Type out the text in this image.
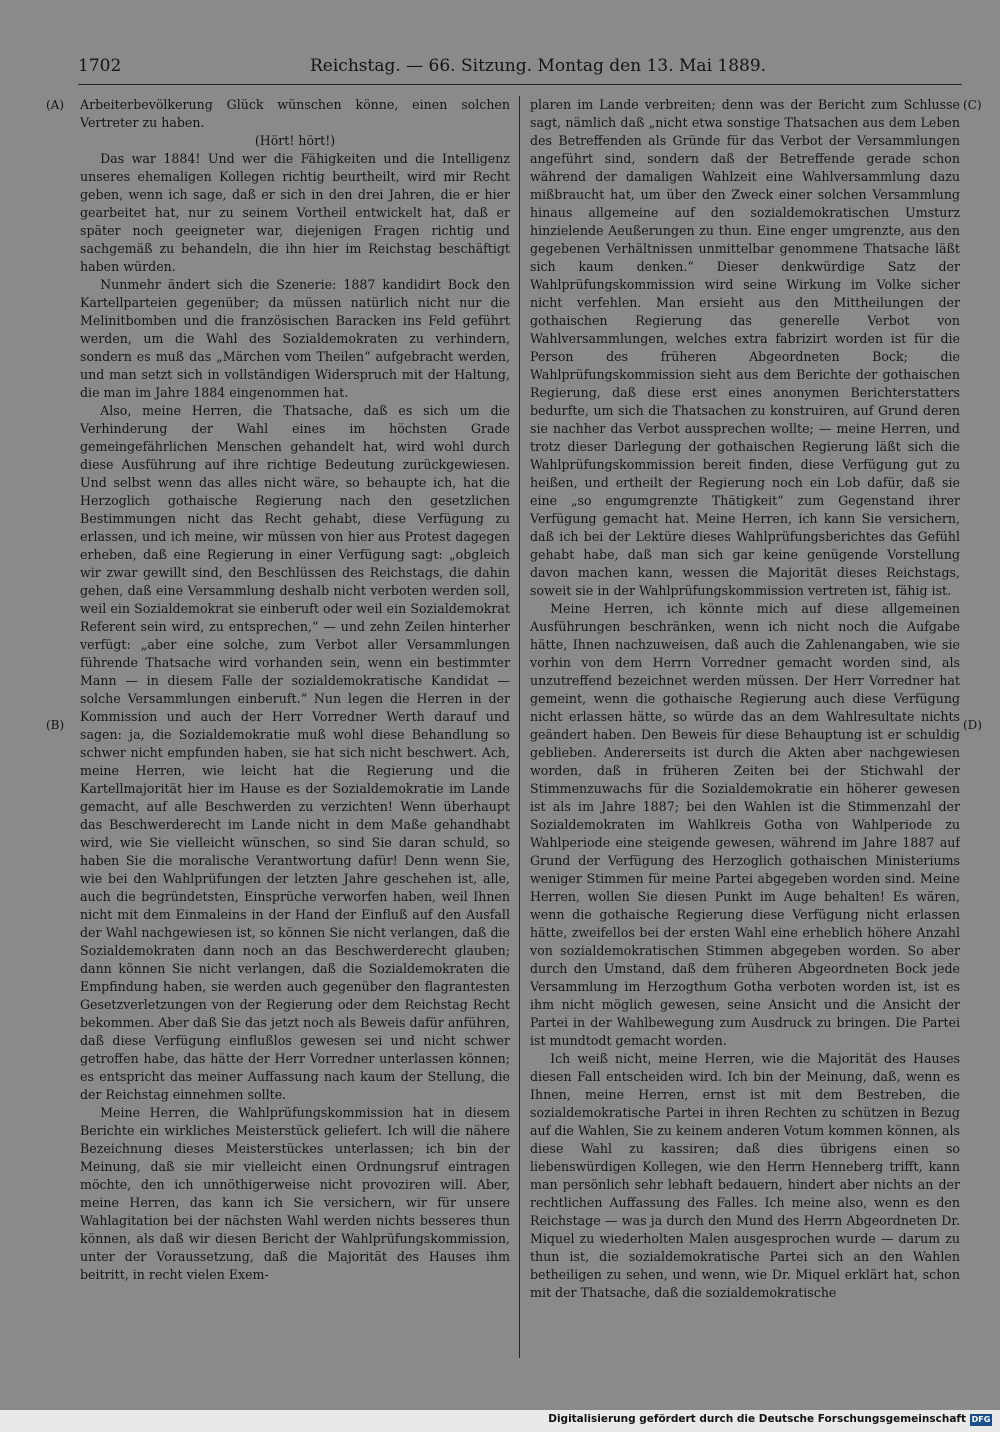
1702	Reichstag. — 66. Sitzung. Montag den 13. Mai 1889.
(A)
(B)
(C)
(D)

Arbeiterbevölkerung Glück wünschen könne, einen solchen Vertreter zu haben.

(Hört! hört!)

Das war 1884! Und wer die Fähigkeiten und die Intelligenz unseres ehemaligen Kollegen richtig beurtheilt, wird mir Recht geben, wenn ich sage, daß er sich in den drei Jahren, die er hier gearbeitet hat, nur zu seinem Vortheil entwickelt hat, daß er später noch geeigneter war, diejenigen Fragen richtig und sachgemäß zu behandeln, die ihn hier im Reichstag beschäftigt haben würden.

Nunmehr ändert sich die Szenerie: 1887 kandidirt Bock den Kartellparteien gegenüber; da müssen natürlich nicht nur die Melinitbomben und die französischen Baracken ins Feld geführt werden, um die Wahl des Sozialdemokraten zu verhindern, sondern es muß das „Märchen vom Theilen“ aufgebracht werden, und man setzt sich in vollständigen Widerspruch mit der Haltung, die man im Jahre 1884 eingenommen hat.

Also, meine Herren, die Thatsache, daß es sich um die Verhinderung der Wahl eines im höchsten Grade gemeingefährlichen Menschen gehandelt hat, wird wohl durch diese Ausführung auf ihre richtige Bedeutung zurückgewiesen. Und selbst wenn das alles nicht wäre, so behaupte ich, hat die Herzoglich gothaische Regierung nach den gesetzlichen Bestimmungen nicht das Recht gehabt, diese Verfügung zu erlassen, und ich meine, wir müssen von hier aus Protest dagegen erheben, daß eine Regierung in einer Verfügung sagt: „obgleich wir zwar gewillt sind, den Beschlüssen des Reichstags, die dahin gehen, daß eine Versammlung deshalb nicht verboten werden soll, weil ein Sozialdemokrat sie einberuft oder weil ein Sozialdemokrat Referent sein wird, zu entsprechen,“ — und zehn Zeilen hinterher verfügt: „aber eine solche, zum Verbot aller Versammlungen führende Thatsache wird vorhanden sein, wenn ein bestimmter Mann — in diesem Falle der sozialdemokratische Kandidat — solche Versammlungen einberuft.“ Nun legen die Herren in der Kommission und auch der Herr Vorredner Werth darauf und sagen: ja, die Sozialdemokratie muß wohl diese Behandlung so schwer nicht empfunden haben, sie hat sich nicht beschwert. Ach, meine Herren, wie leicht hat die Regierung und die Kartellmajorität hier im Hause es der Sozialdemokratie im Lande gemacht, auf alle Beschwerden zu verzichten! Wenn überhaupt das Beschwerderecht im Lande nicht in dem Maße gehandhabt wird, wie Sie vielleicht wünschen, so sind Sie daran schuld, so haben Sie die moralische Verantwortung dafür! Denn wenn Sie, wie bei den Wahlprüfungen der letzten Jahre geschehen ist, alle, auch die begründetsten, Einsprüche verworfen haben, weil Ihnen nicht mit dem Einmaleins in der Hand der Einfluß auf den Ausfall der Wahl nachgewiesen ist, so können Sie nicht verlangen, daß die Sozialdemokraten dann noch an das Beschwerderecht glauben; dann können Sie nicht verlangen, daß die Sozialdemokraten die Empfindung haben, sie werden auch gegenüber den flagrantesten Gesetzverletzungen von der Regierung oder dem Reichstag Recht bekommen. Aber daß Sie das jetzt noch als Beweis dafür anführen, daß diese Verfügung einflußlos gewesen sei und nicht schwer getroffen habe, das hätte der Herr Vorredner unterlassen können; es entspricht das meiner Auffassung nach kaum der Stellung, die der Reichstag einnehmen sollte.

Meine Herren, die Wahlprüfungskommission hat in diesem Berichte ein wirkliches Meisterstück geliefert. Ich will die nähere Bezeichnung dieses Meisterstückes unterlassen; ich bin der Meinung, daß sie mir vielleicht einen Ordnungsruf eintragen möchte, den ich unnöthigerweise nicht provoziren will. Aber, meine Herren, das kann ich Sie versichern, wir für unsere Wahlagitation bei der nächsten Wahl werden nichts besseres thun können, als daß wir diesen Bericht der Wahlprüfungskommission, unter der Voraussetzung, daß die Majorität des Hauses ihm beitritt, in recht vielen Exem-

plaren im Lande verbreiten; denn was der Bericht zum Schlusse sagt, nämlich daß „nicht etwa sonstige Thatsachen aus dem Leben des Betreffenden als Gründe für das Verbot der Versammlungen angeführt sind, sondern daß der Betreffende gerade schon während der damaligen Wahlzeit eine Wahlversammlung dazu mißbraucht hat, um über den Zweck einer solchen Versammlung hinaus allgemeine auf den sozialdemokratischen Umsturz hinzielende Aeußerungen zu thun. Eine enger umgrenzte, aus den gegebenen Verhältnissen unmittelbar genommene Thatsache läßt sich kaum denken.“ Dieser denkwürdige Satz der Wahlprüfungskommission wird seine Wirkung im Volke sicher nicht verfehlen. Man ersieht aus den Mittheilungen der gothaischen Regierung das generelle Verbot von Wahlversammlungen, welches extra fabrizirt worden ist für die Person des früheren Abgeordneten Bock; die Wahlprüfungskommission sieht aus dem Berichte der gothaischen Regierung, daß diese erst eines anonymen Berichterstatters bedurfte, um sich die Thatsachen zu konstruiren, auf Grund deren sie nachher das Verbot aussprechen wollte; — meine Herren, und trotz dieser Darlegung der gothaischen Regierung läßt sich die Wahlprüfungskommission bereit finden, diese Verfügung gut zu heißen, und ertheilt der Regierung noch ein Lob dafür, daß sie eine „so engumgrenzte Thätigkeit“ zum Gegenstand ihrer Verfügung gemacht hat. Meine Herren, ich kann Sie versichern, daß ich bei der Lektüre dieses Wahlprüfungsberichtes das Gefühl gehabt habe, daß man sich gar keine genügende Vorstellung davon machen kann, wessen die Majorität dieses Reichstags, soweit sie in der Wahlprüfungskommission vertreten ist, fähig ist.

Meine Herren, ich könnte mich auf diese allgemeinen Ausführungen beschränken, wenn ich nicht noch die Aufgabe hätte, Ihnen nachzuweisen, daß auch die Zahlenangaben, wie sie vorhin von dem Herrn Vorredner gemacht worden sind, als unzutreffend bezeichnet werden müssen. Der Herr Vorredner hat gemeint, wenn die gothaische Regierung auch diese Verfügung nicht erlassen hätte, so würde das an dem Wahlresultate nichts geändert haben. Den Beweis für diese Behauptung ist er schuldig geblieben. Andererseits ist durch die Akten aber nachgewiesen worden, daß in früheren Zeiten bei der Stichwahl der Stimmenzuwachs für die Sozialdemokratie ein höherer gewesen ist als im Jahre 1887; bei den Wahlen ist die Stimmenzahl der Sozialdemokraten im Wahlkreis Gotha von Wahlperiode zu Wahlperiode eine steigende gewesen, während im Jahre 1887 auf Grund der Verfügung des Herzoglich gothaischen Ministeriums weniger Stimmen für meine Partei abgegeben worden sind. Meine Herren, wollen Sie diesen Punkt im Auge behalten! Es wären, wenn die gothaische Regierung diese Verfügung nicht erlassen hätte, zweifellos bei der ersten Wahl eine erheblich höhere Anzahl von sozialdemokratischen Stimmen abgegeben worden. So aber durch den Umstand, daß dem früheren Abgeordneten Bock jede Versammlung im Herzogthum Gotha verboten worden ist, ist es ihm nicht möglich gewesen, seine Ansicht und die Ansicht der Partei in der Wahlbewegung zum Ausdruck zu bringen. Die Partei ist mundtodt gemacht worden.

Ich weiß nicht, meine Herren, wie die Majorität des Hauses diesen Fall entscheiden wird. Ich bin der Meinung, daß, wenn es Ihnen, meine Herren, ernst ist mit dem Bestreben, die sozialdemokratische Partei in ihren Rechten zu schützen in Bezug auf die Wahlen, Sie zu keinem anderen Votum kommen können, als diese Wahl zu kassiren; daß dies übrigens einen so liebenswürdigen Kollegen, wie den Herrn Henneberg trifft, kann man persönlich sehr lebhaft bedauern, hindert aber nichts an der rechtlichen Auffassung des Falles. Ich meine also, wenn es den Reichstage — was ja durch den Mund des Herrn Abgeordneten Dr. Miquel zu wiederholten Malen ausgesprochen wurde — darum zu thun ist, die sozialdemokratische Partei sich an den Wahlen betheiligen zu sehen, und wenn, wie Dr. Miquel erklärt hat, schon mit der Thatsache, daß die sozialdemokratische

Digitalisierung gefördert durch die Deutsche Forschungsgemeinschaft DFG
